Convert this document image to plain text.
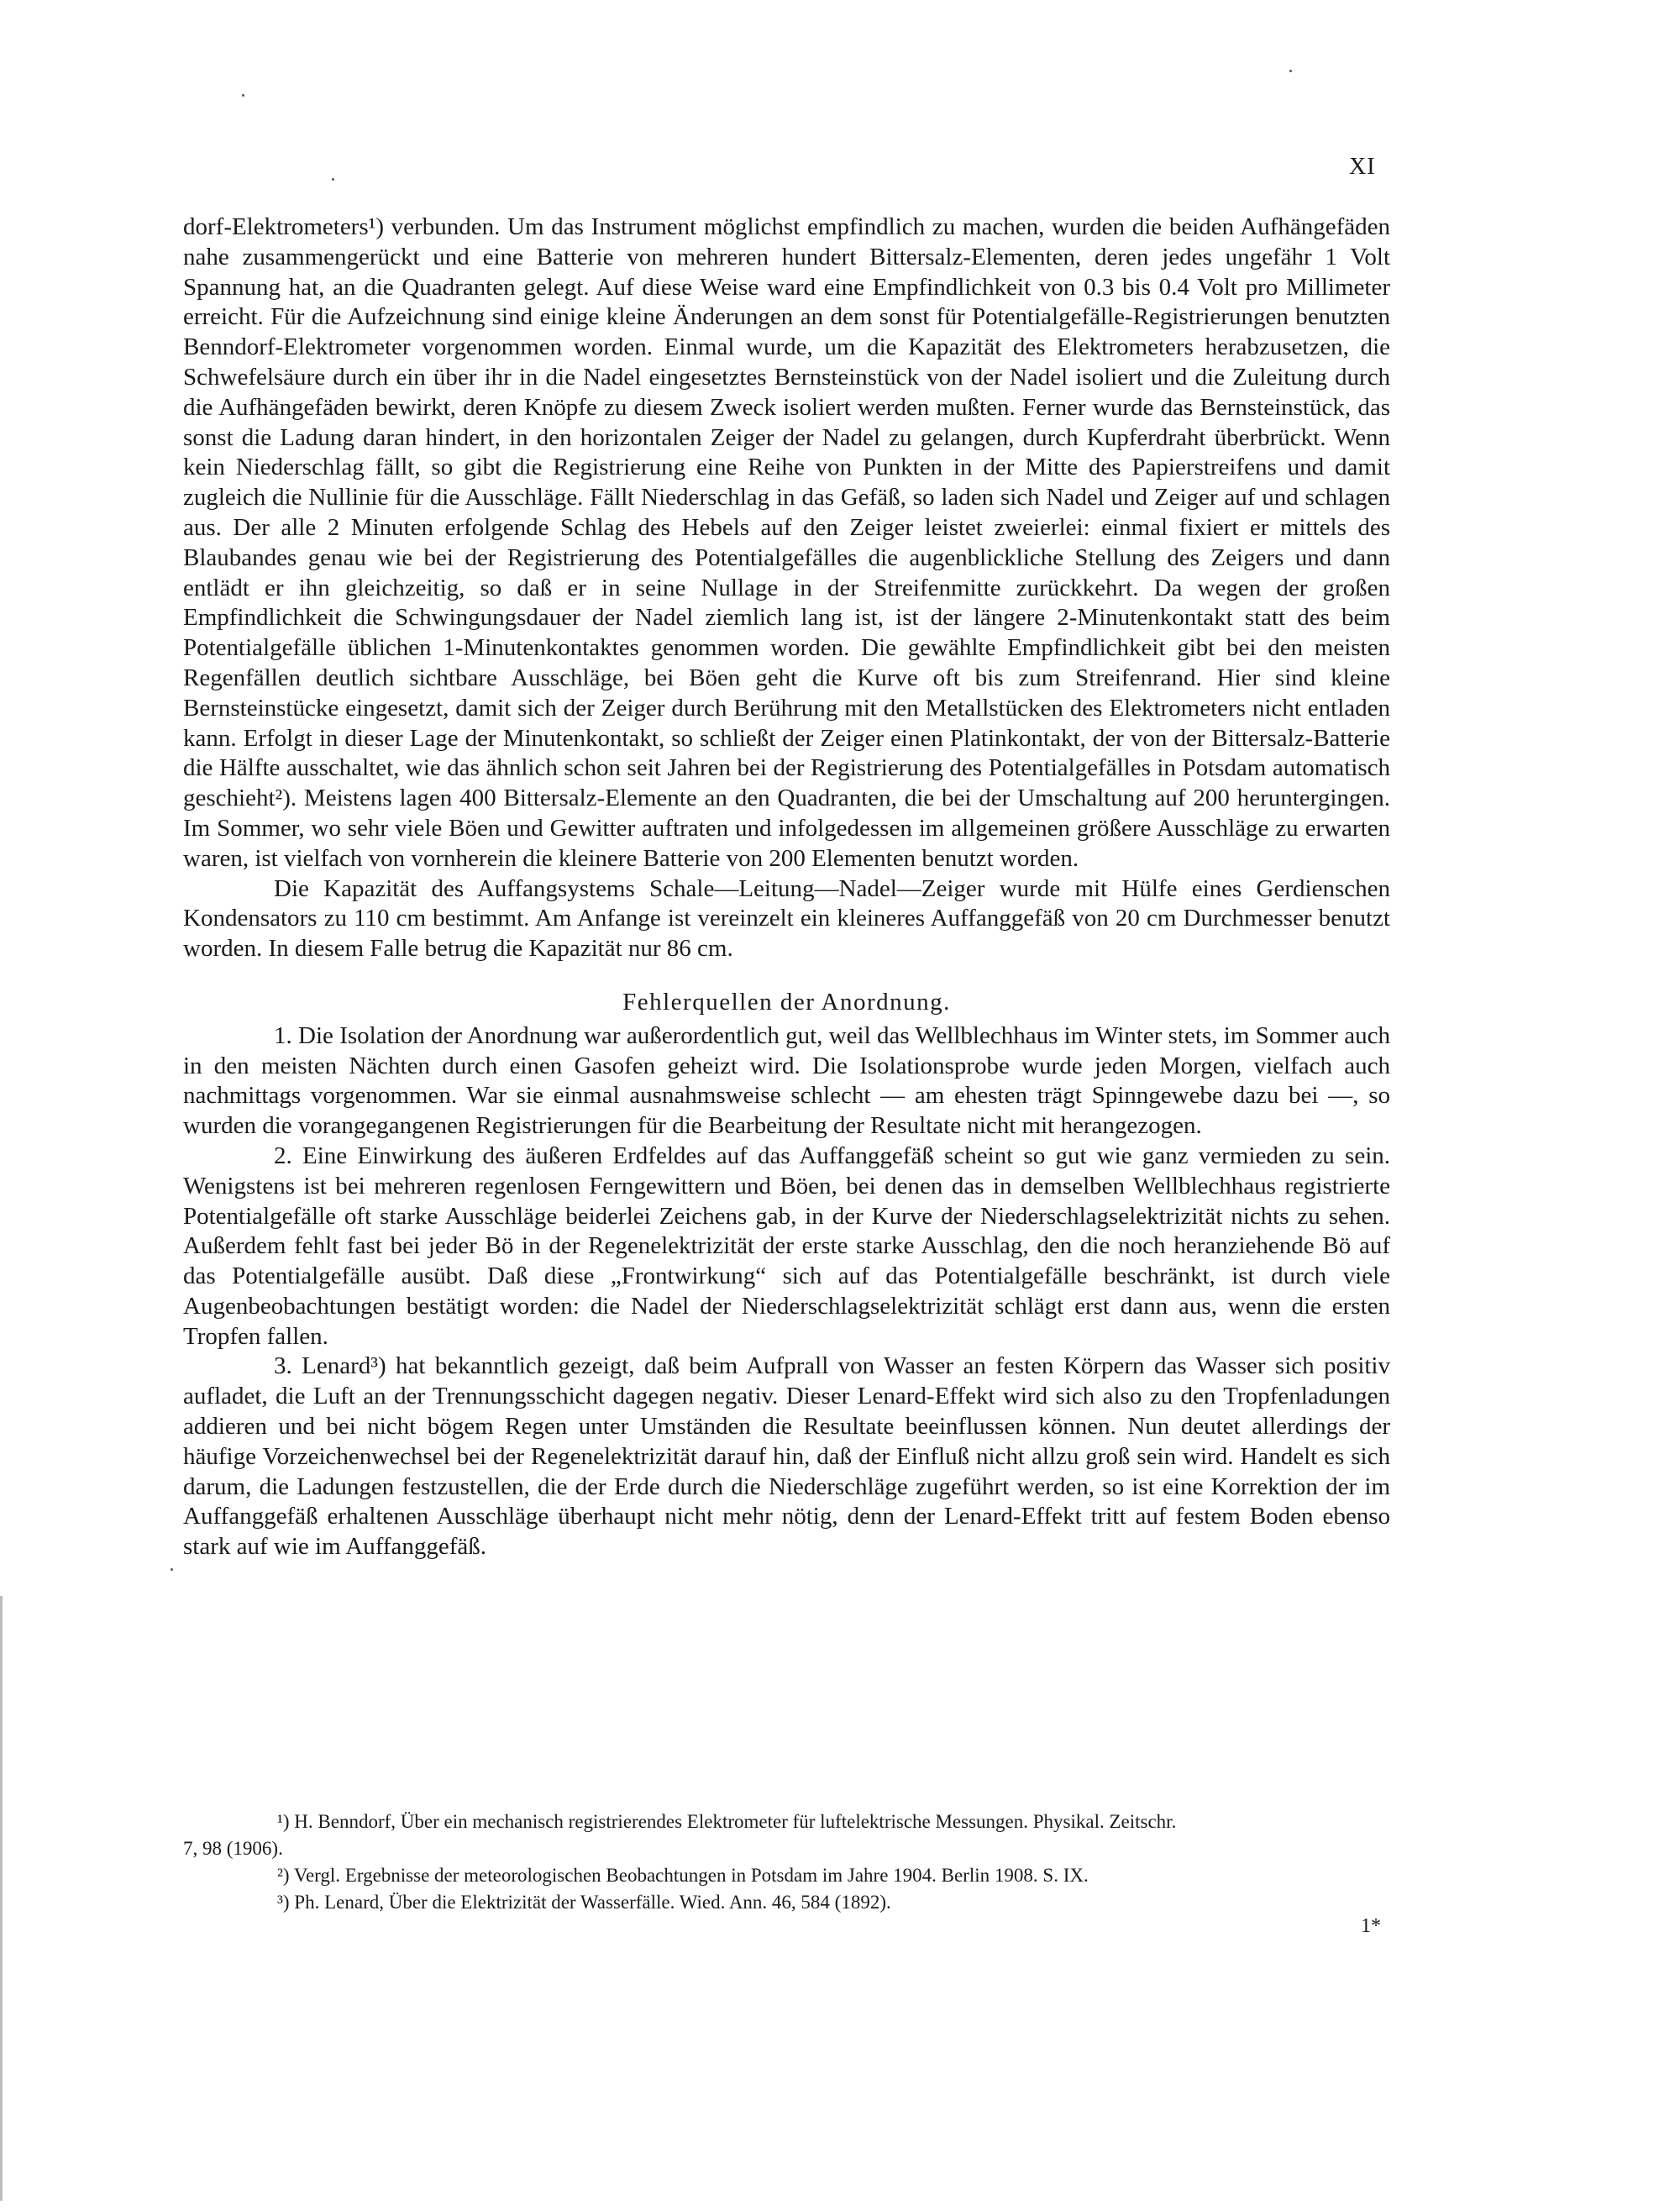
XI

dorf-Elektrometers¹) verbunden. Um das Instrument möglichst empfindlich zu machen, wurden die beiden Aufhängefäden nahe zusammengerückt und eine Batterie von mehreren hundert Bittersalz-Elementen, deren jedes ungefähr 1 Volt Spannung hat, an die Quadranten gelegt. Auf diese Weise ward eine Empfindlichkeit von 0.3 bis 0.4 Volt pro Millimeter erreicht. Für die Aufzeichnung sind einige kleine Änderungen an dem sonst für Potentialgefälle-Registrierungen benutzten Benndorf-Elektrometer vorgenommen worden. Einmal wurde, um die Kapazität des Elektrometers herabzusetzen, die Schwefelsäure durch ein über ihr in die Nadel eingesetztes Bernsteinstück von der Nadel isoliert und die Zuleitung durch die Aufhängefäden bewirkt, deren Knöpfe zu diesem Zweck isoliert werden mußten. Ferner wurde das Bernsteinstück, das sonst die Ladung daran hindert, in den horizontalen Zeiger der Nadel zu gelangen, durch Kupferdraht überbrückt. Wenn kein Niederschlag fällt, so gibt die Registrierung eine Reihe von Punkten in der Mitte des Papierstreifens und damit zugleich die Nullinie für die Ausschläge. Fällt Niederschlag in das Gefäß, so laden sich Nadel und Zeiger auf und schlagen aus. Der alle 2 Minuten erfolgende Schlag des Hebels auf den Zeiger leistet zweierlei: einmal fixiert er mittels des Blaubandes genau wie bei der Registrierung des Potentialgefälles die augenblickliche Stellung des Zeigers und dann entlädt er ihn gleichzeitig, so daß er in seine Nullage in der Streifenmitte zurückkehrt. Da wegen der großen Empfindlichkeit die Schwingungsdauer der Nadel ziemlich lang ist, ist der längere 2-Minutenkontakt statt des beim Potentialgefälle üblichen 1-Minutenkontaktes genommen worden. Die gewählte Empfindlichkeit gibt bei den meisten Regenfällen deutlich sichtbare Ausschläge, bei Böen geht die Kurve oft bis zum Streifenrand. Hier sind kleine Bernsteinstücke eingesetzt, damit sich der Zeiger durch Berührung mit den Metallstücken des Elektrometers nicht entladen kann. Erfolgt in dieser Lage der Minutenkontakt, so schließt der Zeiger einen Platinkontakt, der von der Bittersalz-Batterie die Hälfte ausschaltet, wie das ähnlich schon seit Jahren bei der Registrierung des Potentialgefälles in Potsdam automatisch geschieht²). Meistens lagen 400 Bittersalz-Elemente an den Quadranten, die bei der Umschaltung auf 200 heruntergingen. Im Sommer, wo sehr viele Böen und Gewitter auftraten und infolgedessen im allgemeinen größere Ausschläge zu erwarten waren, ist vielfach von vornherein die kleinere Batterie von 200 Elementen benutzt worden.

Die Kapazität des Auffangsystems Schale—Leitung—Nadel—Zeiger wurde mit Hülfe eines Gerdienschen Kondensators zu 110 cm bestimmt. Am Anfange ist vereinzelt ein kleineres Auffanggefäß von 20 cm Durchmesser benutzt worden. In diesem Falle betrug die Kapazität nur 86 cm.

Fehlerquellen der Anordnung.

1. Die Isolation der Anordnung war außerordentlich gut, weil das Wellblechhaus im Winter stets, im Sommer auch in den meisten Nächten durch einen Gasofen geheizt wird. Die Isolationsprobe wurde jeden Morgen, vielfach auch nachmittags vorgenommen. War sie einmal ausnahmsweise schlecht — am ehesten trägt Spinngewebe dazu bei —, so wurden die vorangegangenen Registrierungen für die Bearbeitung der Resultate nicht mit herangezogen.

2. Eine Einwirkung des äußeren Erdfeldes auf das Auffanggefäß scheint so gut wie ganz vermieden zu sein. Wenigstens ist bei mehreren regenlosen Ferngewittern und Böen, bei denen das in demselben Wellblechhaus registrierte Potentialgefälle oft starke Ausschläge beiderlei Zeichens gab, in der Kurve der Niederschlagselektrizität nichts zu sehen. Außerdem fehlt fast bei jeder Bö in der Regenelektrizität der erste starke Ausschlag, den die noch heranziehende Bö auf das Potentialgefälle ausübt. Daß diese „Frontwirkung“ sich auf das Potentialgefälle beschränkt, ist durch viele Augenbeobachtungen bestätigt worden: die Nadel der Niederschlagselektrizität schlägt erst dann aus, wenn die ersten Tropfen fallen.

3. Lenard³) hat bekanntlich gezeigt, daß beim Aufprall von Wasser an festen Körpern das Wasser sich positiv aufladet, die Luft an der Trennungsschicht dagegen negativ. Dieser Lenard-Effekt wird sich also zu den Tropfenladungen addieren und bei nicht bögem Regen unter Umständen die Resultate beeinflussen können. Nun deutet allerdings der häufige Vorzeichenwechsel bei der Regenelektrizität darauf hin, daß der Einfluß nicht allzu groß sein wird. Handelt es sich darum, die Ladungen festzustellen, die der Erde durch die Niederschläge zugeführt werden, so ist eine Korrektion der im Auffanggefäß erhaltenen Ausschläge überhaupt nicht mehr nötig, denn der Lenard-Effekt tritt auf festem Boden ebenso stark auf wie im Auffanggefäß.

¹) H. Benndorf, Über ein mechanisch registrierendes Elektrometer für luftelektrische Messungen. Physikal. Zeitschr.

7, 98 (1906).

²) Vergl. Ergebnisse der meteorologischen Beobachtungen in Potsdam im Jahre 1904. Berlin 1908. S. IX.

³) Ph. Lenard, Über die Elektrizität der Wasserfälle. Wied. Ann. 46, 584 (1892).

1*
